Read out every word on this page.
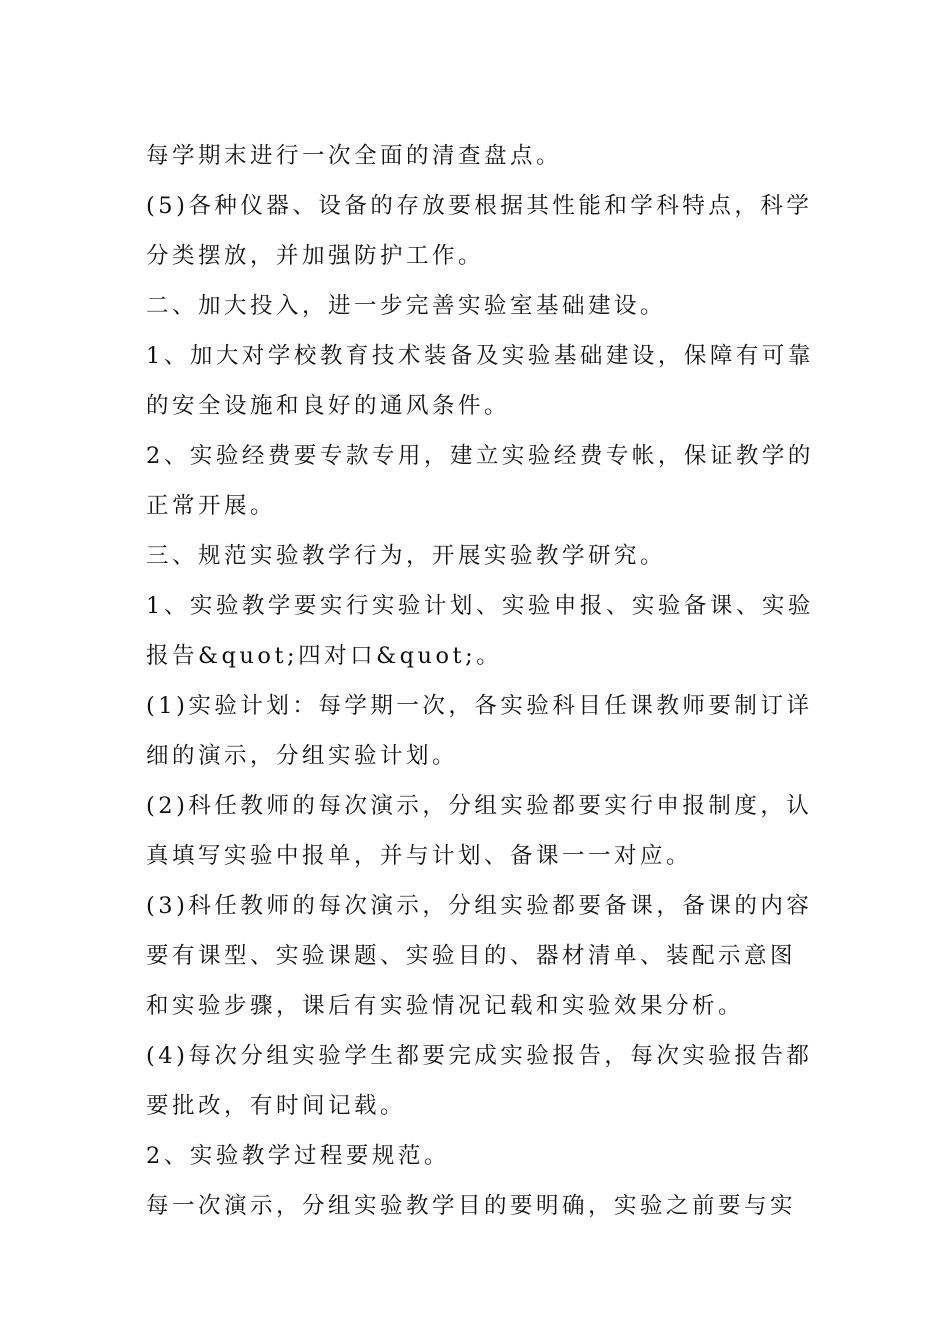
每学期末进行一次全面的清查盘点。
(5)各种仪器、设备的存放要根据其性能和学科特点，科学
分类摆放，并加强防护工作。
二、加大投入，进一步完善实验室基础建设。
1、加大对学校教育技术装备及实验基础建设，保障有可靠
的安全设施和良好的通风条件。
2、实验经费要专款专用，建立实验经费专帐，保证教学的
正常开展。
三、规范实验教学行为，开展实验教学研究。
1、实验教学要实行实验计划、实验申报、实验备课、实验
报告&quot;四对口&quot;。
(1)实验计划：每学期一次，各实验科目任课教师要制订详
细的演示，分组实验计划。
(2)科任教师的每次演示，分组实验都要实行申报制度，认
真填写实验中报单，并与计划、备课一一对应。
(3)科任教师的每次演示，分组实验都要备课，备课的内容
要有课型、实验课题、实验目的、器材清单、装配示意图
和实验步骤，课后有实验情况记载和实验效果分析。
(4)每次分组实验学生都要完成实验报告，每次实验报告都
要批改，有时间记载。
2、实验教学过程要规范。
每一次演示，分组实验教学目的要明确，实验之前要与实
